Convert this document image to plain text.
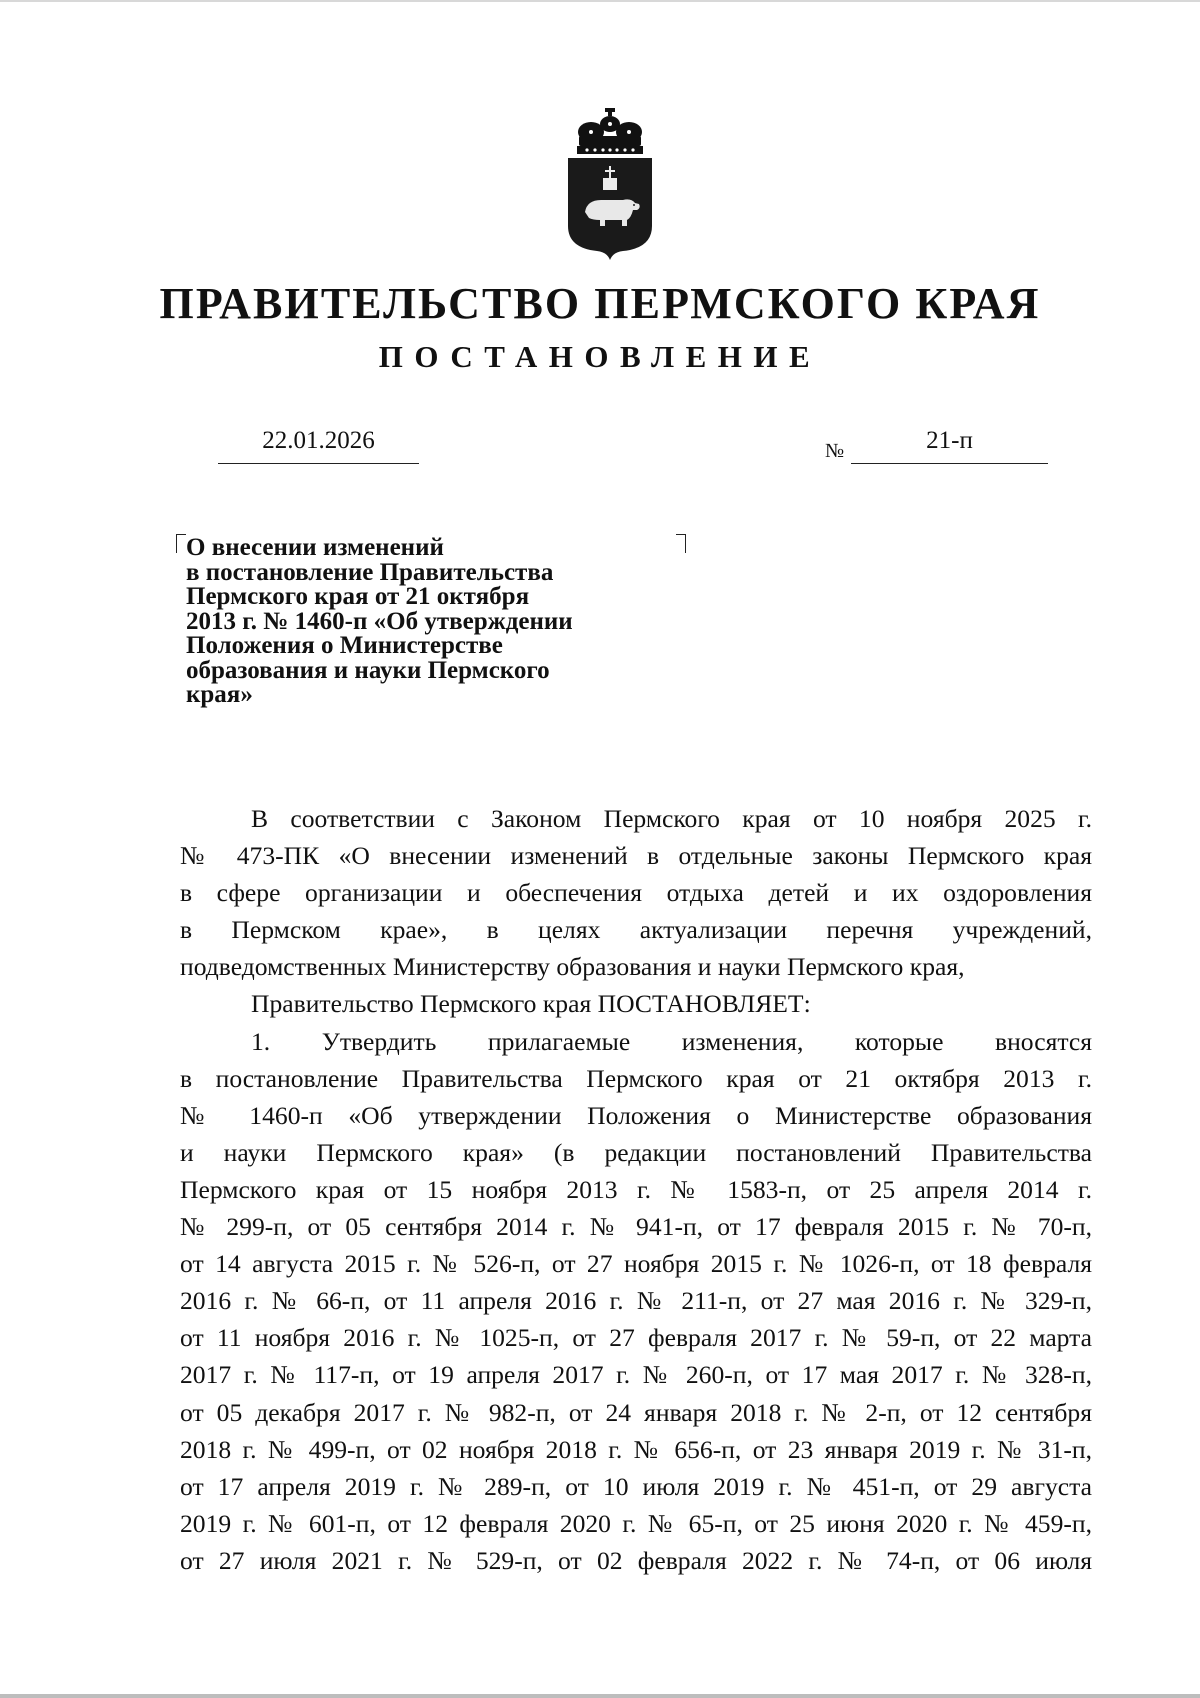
ПРАВИТЕЛЬСТВО ПЕРМСКОГО КРАЯ
ПОСТАНОВЛЕНИЕ
22.01.2026	№	21-п
О внесении изменений
в постановление Правительства
Пермского края от 21 октября
2013 г. № 1460-п «Об утверждении
Положения о Министерстве
образования и науки Пермского
края»
В соответствии с Законом Пермского края от 10 ноября 2025 г.
№ 473-ПК «О внесении изменений в отдельные законы Пермского края
в сфере организации и обеспечения отдыха детей и их оздоровления
в Пермском крае», в целях актуализации перечня учреждений,
подведомственных Министерству образования и науки Пермского края,
Правительство Пермского края ПОСТАНОВЛЯЕТ:
1. Утвердить прилагаемые изменения, которые вносятся
в постановление Правительства Пермского края от 21 октября 2013 г.
№ 1460-п «Об утверждении Положения о Министерстве образования
и науки Пермского края» (в редакции постановлений Правительства
Пермского края от 15 ноября 2013 г. № 1583-п, от 25 апреля 2014 г.
№ 299-п, от 05 сентября 2014 г. № 941-п, от 17 февраля 2015 г. № 70-п,
от 14 августа 2015 г. № 526-п, от 27 ноября 2015 г. № 1026-п, от 18 февраля
2016 г. № 66-п, от 11 апреля 2016 г. № 211-п, от 27 мая 2016 г. № 329-п,
от 11 ноября 2016 г. № 1025-п, от 27 февраля 2017 г. № 59-п, от 22 марта
2017 г. № 117-п, от 19 апреля 2017 г. № 260-п, от 17 мая 2017 г. № 328-п,
от 05 декабря 2017 г. № 982-п, от 24 января 2018 г. № 2-п, от 12 сентября
2018 г. № 499-п, от 02 ноября 2018 г. № 656-п, от 23 января 2019 г. № 31-п,
от 17 апреля 2019 г. № 289-п, от 10 июля 2019 г. № 451-п, от 29 августа
2019 г. № 601-п, от 12 февраля 2020 г. № 65-п, от 25 июня 2020 г. № 459-п,
от 27 июля 2021 г. № 529-п, от 02 февраля 2022 г. № 74-п, от 06 июля
